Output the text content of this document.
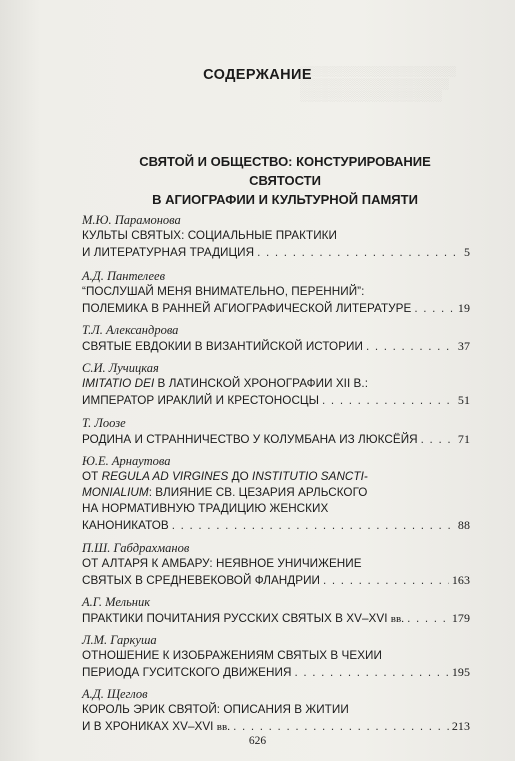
░░░░░░░░░░░░░░░░░░░░░░
░░░░░░░░░░░░░░░░░░░░░
░░░░░░░░░░░░░░░░░░░░
СОДЕРЖАНИЕ
СВЯТОЙ И ОБЩЕСТВО: КОНСТУРИРОВАНИЕ СВЯТОСТИ
В АГИОГРАФИИ И КУЛЬТУРНОЙ ПАМЯТИ
М.Ю. Парамонова
КУЛЬТЫ СВЯТЫХ: СОЦИАЛЬНЫЕ ПРАКТИКИ
И ЛИТЕРАТУРНАЯ ТРАДИЦИЯ . . .	5
А.Д. Пантелеев
“ПОСЛУШАЙ МЕНЯ ВНИМАТЕЛЬНО, ПЕРЕННИЙ”:
ПОЛЕМИКА В РАННЕЙ АГИОГРАФИЧЕСКОЙ ЛИТЕРАТУРЕ . . .	19
Т.Л. Александрова
СВЯТЫЕ ЕВДОКИИ В ВИЗАНТИЙСКОЙ ИСТОРИИ . . .	37
С.И. Лучицкая
IMITATIO DEI В ЛАТИНСКОЙ ХРОНОГРАФИИ XII В.:
ИМПЕРАТОР ИРАКЛИЙ И КРЕСТОНОСЦЫ . . .	51
Т. Лоозе
РОДИНА И СТРАННИЧЕСТВО У КОЛУМБАНА ИЗ ЛЮКСЁЙЯ . . .	71
Ю.Е. Арнаутова
ОТ REGULA AD VIRGINES ДО INSTITUTIO SANCTI-
MONIALIUM: ВЛИЯНИЕ СВ. ЦЕЗАРИЯ АРЛЬСКОГО
НА НОРМАТИВНУЮ ТРАДИЦИЮ ЖЕНСКИХ
КАНОНИКАТОВ . . .	88
П.Ш. Габдрахманов
ОТ АЛТАРЯ К АМБАРУ: НЕЯВНОЕ УНИЧИЖЕНИЕ
СВЯТЫХ В СРЕДНЕВЕКОВОЙ ФЛАНДРИИ . . .	163
А.Г. Мельник
ПРАКТИКИ ПОЧИТАНИЯ РУССКИХ СВЯТЫХ В XV–XVI вв. . . .	179
Л.М. Гаркуша
ОТНОШЕНИЕ К ИЗОБРАЖЕНИЯМ СВЯТЫХ В ЧЕХИИ
ПЕРИОДА ГУСИТСКОГО ДВИЖЕНИЯ . . .	195
А.Д. Щеглов
КОРОЛЬ ЭРИК СВЯТОЙ: ОПИСАНИЯ В ЖИТИИ
И В ХРОНИКАХ XV–XVI вв. . . .	213
626
